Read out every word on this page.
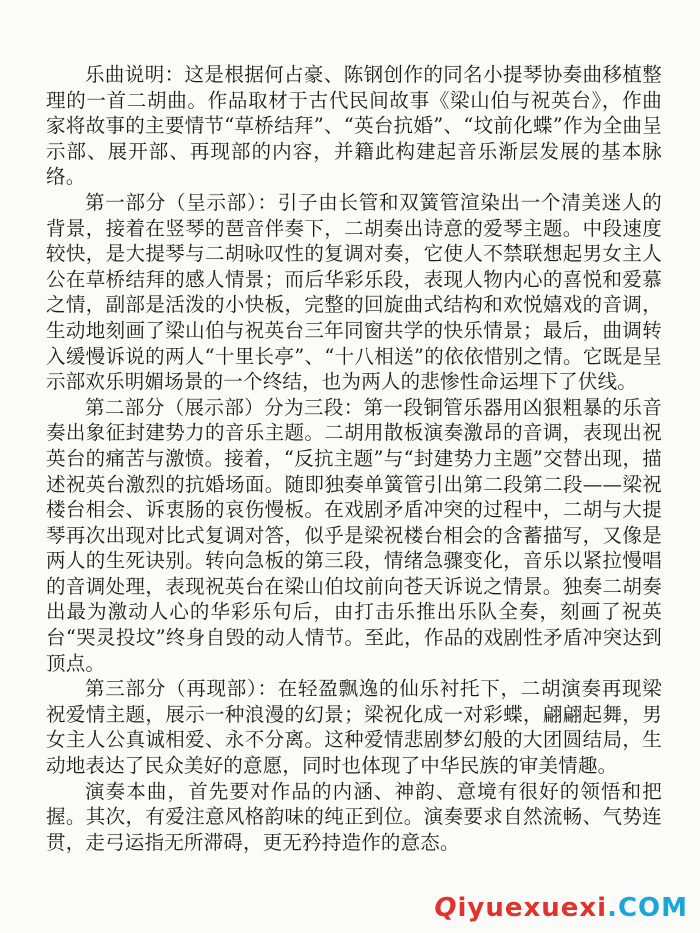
乐曲说明：这是根据何占豪、陈钢创作的同名小提琴协奏曲移植整理的一首二胡曲。作品取材于古代民间故事《梁山伯与祝英台》，作曲家将故事的主要情节“草桥结拜”、“英台抗婚”、“坟前化蝶”作为全曲呈示部、展开部、再现部的内容，并籍此构建起音乐渐层发展的基本脉络。

第一部分（呈示部）：引子由长管和双簧管渲染出一个清美迷人的背景，接着在竖琴的琶音伴奏下，二胡奏出诗意的爱琴主题。中段速度较快，是大提琴与二胡咏叹性的复调对奏，它使人不禁联想起男女主人公在草桥结拜的感人情景；而后华彩乐段，表现人物内心的喜悦和爱慕之情，副部是活泼的小快板，完整的回旋曲式结构和欢悦嬉戏的音调，生动地刻画了梁山伯与祝英台三年同窗共学的快乐情景；最后，曲调转入缓慢诉说的两人“十里长亭”、“十八相送”的依依惜别之情。它既是呈示部欢乐明媚场景的一个终结，也为两人的悲惨性命运埋下了伏线。

第二部分（展示部）分为三段：第一段铜管乐器用凶狠粗暴的乐音奏出象征封建势力的音乐主题。二胡用散板演奏激昂的音调，表现出祝英台的痛苦与激愤。接着，“反抗主题”与“封建势力主题”交替出现，描述祝英台激烈的抗婚场面。随即独奏单簧管引出第二段第二段——梁祝楼台相会、诉衷肠的哀伤慢板。在戏剧矛盾冲突的过程中，二胡与大提琴再次出现对比式复调对答，似乎是梁祝楼台相会的含蓄描写，又像是两人的生死诀别。转向急板的第三段，情绪急骤变化，音乐以紧拉慢唱的音调处理，表现祝英台在梁山伯坟前向苍天诉说之情景。独奏二胡奏出最为激动人心的华彩乐句后，由打击乐推出乐队全奏，刻画了祝英台“哭灵投坟”终身自毁的动人情节。至此，作品的戏剧性矛盾冲突达到顶点。

第三部分（再现部）：在轻盈飘逸的仙乐衬托下，二胡演奏再现梁祝爱情主题，展示一种浪漫的幻景；梁祝化成一对彩蝶，翩翩起舞，男女主人公真诚相爱、永不分离。这种爱情悲剧梦幻般的大团圆结局，生动地表达了民众美好的意愿，同时也体现了中华民族的审美情趣。

演奏本曲，首先要对作品的内涵、神韵、意境有很好的领悟和把握。其次，有爱注意风格韵味的纯正到位。演奏要求自然流畅、气势连贯，走弓运指无所滞碍，更无矜持造作的意态。

Qiyuexuexi.COM
